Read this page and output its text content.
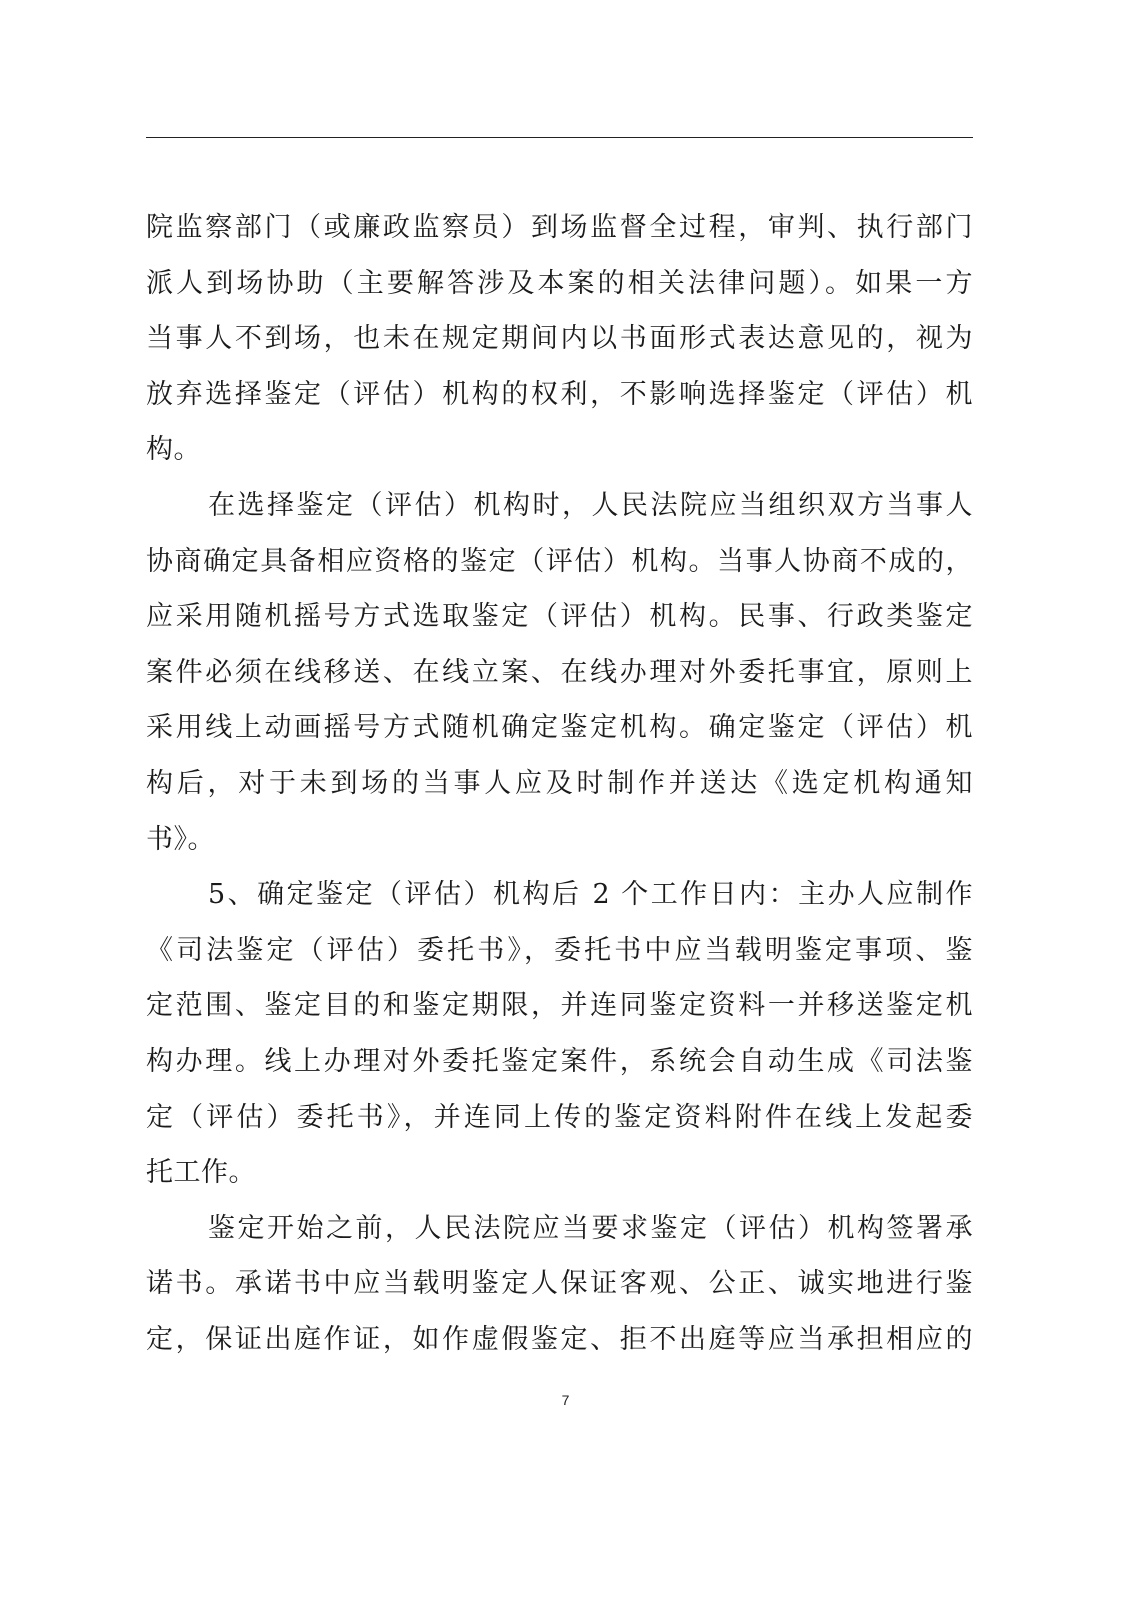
院监察部门（或廉政监察员）到场监督全过程，审判、执行部门
派人到场协助（主要解答涉及本案的相关法律问题）。如果一方
当事人不到场，也未在规定期间内以书面形式表达意见的，视为
放弃选择鉴定（评估）机构的权利，不影响选择鉴定（评估）机
构。
在选择鉴定（评估）机构时，人民法院应当组织双方当事人
协商确定具备相应资格的鉴定（评估）机构。当事人协商不成的，
应采用随机摇号方式选取鉴定（评估）机构。民事、行政类鉴定
案件必须在线移送、在线立案、在线办理对外委托事宜，原则上
采用线上动画摇号方式随机确定鉴定机构。确定鉴定（评估）机
构后，对于未到场的当事人应及时制作并送达《选定机构通知
书》。
5、确定鉴定（评估）机构后 2 个工作日内：主办人应制作
《司法鉴定（评估）委托书》，委托书中应当载明鉴定事项、鉴
定范围、鉴定目的和鉴定期限，并连同鉴定资料一并移送鉴定机
构办理。线上办理对外委托鉴定案件，系统会自动生成《司法鉴
定（评估）委托书》，并连同上传的鉴定资料附件在线上发起委
托工作。
鉴定开始之前，人民法院应当要求鉴定（评估）机构签署承
诺书。承诺书中应当载明鉴定人保证客观、公正、诚实地进行鉴
定，保证出庭作证，如作虚假鉴定、拒不出庭等应当承担相应的
7
